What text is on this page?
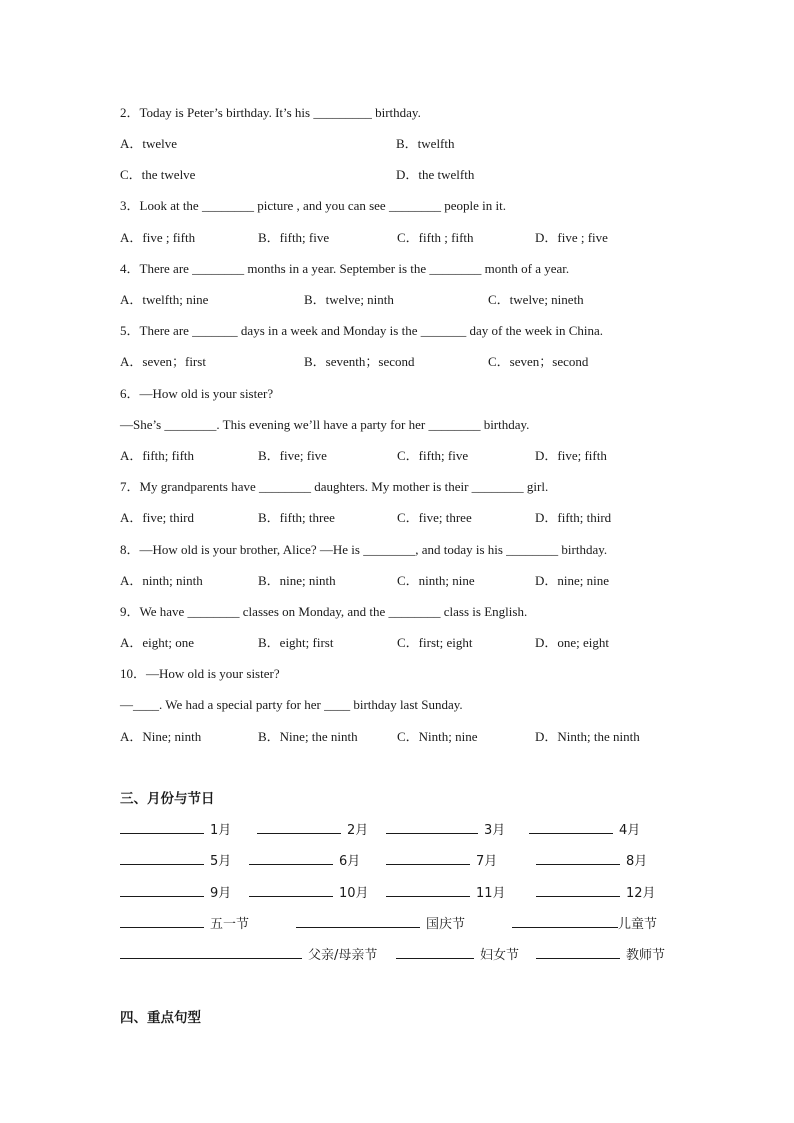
2．Today is Peter’s birthday. It’s his _________ birthday.
A．twelve	B．twelfth
C．the twelve	D．the twelfth
3．Look at the ________ picture , and you can see ________ people in it.
A．five ; fifth	B．fifth; five	C．fifth ; fifth	D．five ; five
4．There are ________ months in a year. September is the ________ month of a year.
A．twelfth; nine	B．twelve; ninth	C．twelve; nineth
5．There are _______ days in a week and Monday is the _______ day of the week in China.
A．seven；first	B．seventh；second	C．seven；second
6．—How old is your sister?
—She’s ________. This evening we’ll have a party for her ________ birthday.
A．fifth; fifth	B．five; five	C．fifth; five	D．five; fifth
7．My grandparents have ________ daughters. My mother is their ________ girl.
A．five; third	B．fifth; three	C．five; three	D．fifth; third
8．—How old is your brother, Alice? —He is ________, and today is his ________ birthday.
A．ninth; ninth	B．nine; ninth	C．ninth; nine	D．nine; nine
9．We have ________ classes on Monday, and the ________ class is English.
A．eight; one	B．eight; first	C．first; eight	D．one; eight
10．—How old is your sister?
—____. We had a special party for her ____ birthday last Sunday.
A．Nine; ninth	B．Nine; the ninth	C．Ninth; nine	D．Ninth; the ninth
三、月份与节日
1月	2月	3月	4月
5月	6月	7月	8月
9月	10月	11月	12月
五一节	国庆节	儿童节
父亲/母亲节	妇女节	教师节
四、重点句型
